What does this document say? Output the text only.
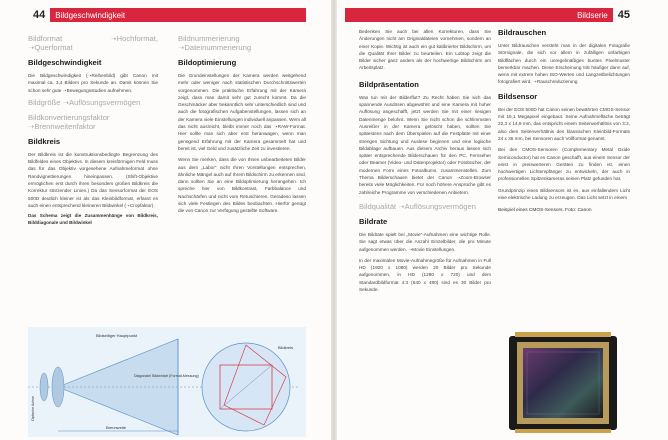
44	Bildgeschwindigkeit
Bildformat ➝Hochformat, ➝Querformat
Bildgeschwindigkeit

Die Bildgeschwindigkeit (➝Reihenbild) gibt Canon mit maximal ca. 3,4 Bildern pro Sekunde an. Damit können Sie schon sehr gute ➝Bewegungsstudien aufnehmen.

Bildgröße ➝Auflösungsvermögen
Bildkonvertierungsfaktor ➝Brennweitenfaktor
Bildkreis

Der Bildkreis ist die konstruktionsbedingte Begrenzung des Bildfeldes eines Objektivs. In diesem kreisförmigen Feld muss das für das Objektiv vorgesehene Aufnahmeformat ohne Randvignettierungen hineinpassen. (Shift-Objektive ermöglichen erst durch ihren besonders großen Bildkreis die Korrektur stürzender Linien.) Da das Sensorformat der EOS 500D deutlich kleiner ist als das Kleinbildformat, erfasst es auch einen entsprechend kleineren Bildwinkel (➝Cropfaktor).

Das Schema zeigt die Zusammenhänge von Bildkreis, Bilddiagonale und Bildwinkel
Bildnummerierung ➝Dateinummerierung
Bildoptimierung

Die Grundeinstellungen der Kamera werden weitgehend mehr oder weniger nach statistischen Durchschnittswerten vorgenommen. Die praktische Erfahrung mit der Kamera zeigt, dass man damit sehr gut zurecht kommt. Da die Geschmäcker aber bekanntlich sehr unterschiedlich sind und auch die fotografischen Aufgabenstellungen, lassen sich an der Kamera viele Einstellungen individuell anpassen. Wem all das nicht ausreicht, bleibt immer noch das ➝RAW-Format. Hier sollte man sich aber erst heranwagen, wenn man genügend Erfahrung mit der Kamera gesammelt hat und bereit ist, viel Geld und zusätzliche Zeit zu investieren.

Wenn Sie merken, dass die von Ihnen unbearbeiteten Bilder aus dem „Labor“ nicht Ihren Vorstellungen entsprechen, ähnliche Mängel auch auf Ihrem Bildschirm zu erkennen sind, dann sollten Sie an eine Bildoptimierung herangehen. Ich spreche hier von Bildkontrast, Farbbalance und Nachschärfen und nicht vom Retuschieren. Geradeso lassen sich viele Festlegen des Bildes beobachten. Hierfür genügt die von Canon zur Verfügung gestellte Software.

Bildseitiger Hauptpunkt
Optische Achse
Diagonale/ Bildwinkel (Format-Messung)
Bildkreis
Brennweite
Bildserie 45

Bedenken Sie auch bei allen Korrekturen, dass Sie Änderungen nicht am Originaldateien vornehmen, sondern an einer Kopie. Wichtig ist auch ein gut kalibrierter Bildschirm, um die Qualität Ihrer Bilder zu beurteilen. Ein Lobtop zeigt die Bilder sicher ganz anders als der hochwertige Bildschirm am Arbeitsplatz.

Bildpräsentation

Was tun mit der Bilderflut? Zu Recht haben Sie sich das spannende Ausdösen abgewöhnt und eine Kamera mit hoher Auflösung angeschafft, jetzt werden Sie mit einer riesigen Datenmenge belohnt. Wenn Sie nicht schon die schlimmsten Ausreißer in der Kamera gelöscht haben, sollten Sie spätestens nach dem Überspielen auf die Festplatte mit einer strengen Sichtung und Auslese beginnen und eine logische Bildablage aufbauen. Aus diesem Archiv heraus lassen sich später entsprechende Bilderschauen für den PC, Fernseher oder Beamer (Video- und Datenprojektor) oder Fotobücher, der modernen Form eines Fotoalbums, zusammenstellen. Zum Thema Bilderschauen bietet der Canon ➝Zoom-Browser bereits viele Möglichkeiten. Für noch höhere Ansprüche gibt es zahlreiche Programme von verschiedenen Anbietern.

Bildqualität ➝Auflösungsvermögen
Bildrate

Die Bildrate spielt bei „Movie“-Aufnahmen eine wichtige Rolle. Sie sagt etwas über die Anzahl Einzelbilder, die pro Minute aufgenommen werden. ➝Movie Einstellungen.

In der maximalen Movie-Aufnahmegröße für Aufnahmen in Full HD (1920 x 1080) werden 20 Bilder pro Sekunde aufgenommen, in HD (1280 x 720) und dem Standardbildformat 4:3 (640 x 480) sind es 30 Bilder pro Sekunde.

Bildrauschen

Unter Bildrauschen versteht man in der digitalen Fotografie Störsignale, die sich vor allem in zufälligen unfarbigen Bildflächen durch ein unregelmäßiges buntes Pixelmuster bemerkbar machen. Diese Erscheinung tritt häufiger dann auf, wenn mit extrem hohen ISO-Werten und Langzeitbelichtungen fotografiert wird. ➝Rauschreduzierung

Bildsensor

Bei der EOS 500D hat Canon seinen bewährten CMOS-Sensor mit 15,1 Megapixel eingebaut. Seine Aufnahmefläche beträgt 22,3 x 14,9 mm, das entspricht einem Seitenverhältnis von 3:2, also dem Seitenverhältnis des klassischen Kleinbild-Formats 24 x 36 mm, bei Sensoren auch Vollformat genannt.

Bei den CMOS-Sensoren (Complementary Metal Oxide Semiconductor) hat es Canon geschafft, aus einem Sensor der einst in preiswerteren Geräten zu finden ist, einen hochwertigen Lichtempfänger zu entwickeln, der auch in professionellen Spitzenkameras seinen Platz gefunden hat.

Grundprinzip eines Bildsensors ist es, aus einfallendem Licht eine elektrische Ladung zu erzeugen. Das Licht setzt in einem

Beispiel eines CMOS-Sensors. Foto: Canon
